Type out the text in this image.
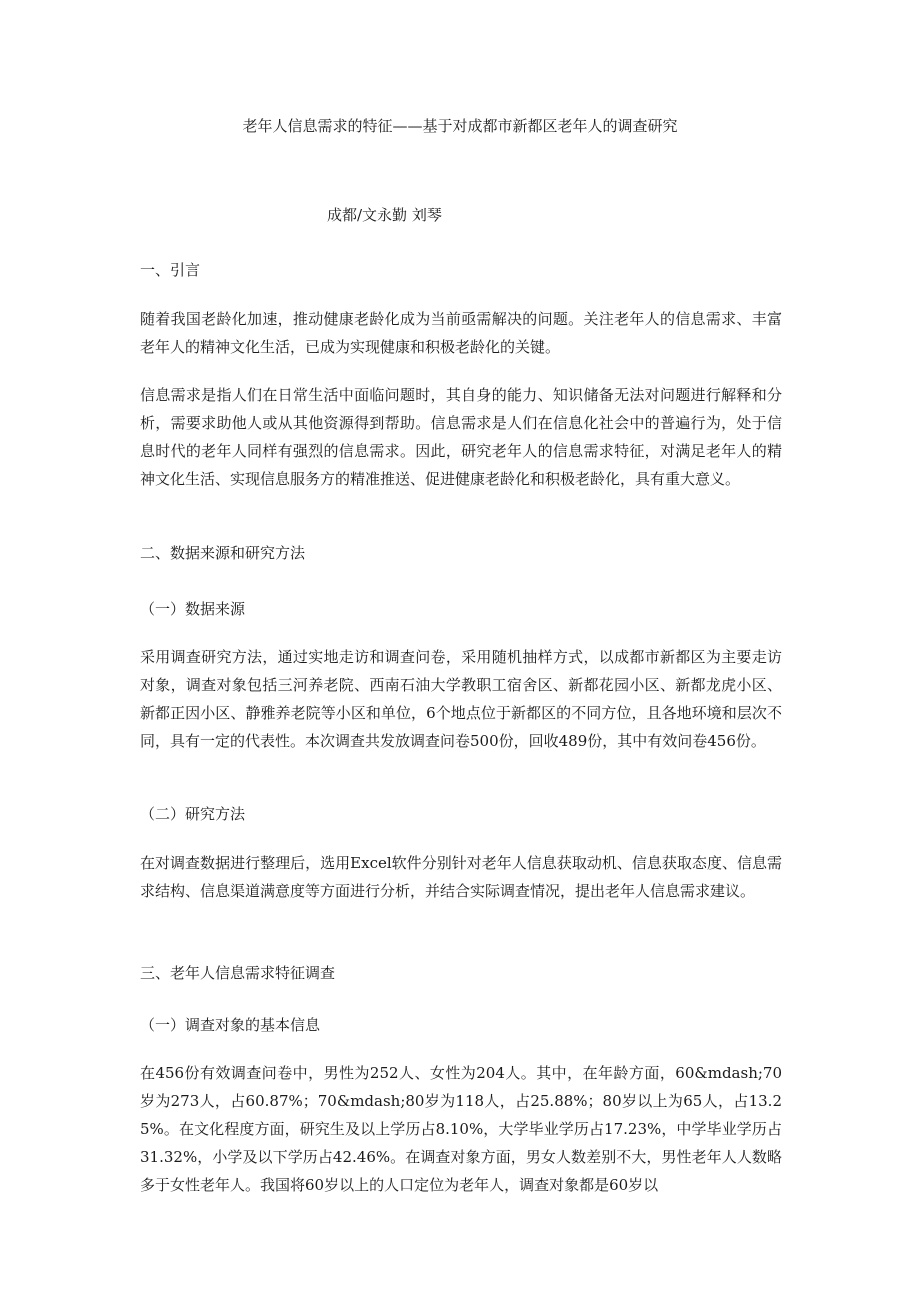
老年人信息需求的特征——基于对成都市新都区老年人的调查研究
成都/文永勤 刘琴
一、引言
随着我国老龄化加速，推动健康老龄化成为当前亟需解决的问题。关注老年人的信息需求、丰富老年人的精神文化生活，已成为实现健康和积极老龄化的关键。
信息需求是指人们在日常生活中面临问题时，其自身的能力、知识储备无法对问题进行解释和分析，需要求助他人或从其他资源得到帮助。信息需求是人们在信息化社会中的普遍行为，处于信息时代的老年人同样有强烈的信息需求。因此，研究老年人的信息需求特征，对满足老年人的精神文化生活、实现信息服务方的精准推送、促进健康老龄化和积极老龄化，具有重大意义。
二、数据来源和研究方法
（一）数据来源
采用调查研究方法，通过实地走访和调查问卷，采用随机抽样方式，以成都市新都区为主要走访对象，调查对象包括三河养老院、西南石油大学教职工宿舍区、新都花园小区、新都龙虎小区、新都正因小区、静雅养老院等小区和单位，6个地点位于新都区的不同方位，且各地环境和层次不同，具有一定的代表性。本次调查共发放调查问卷500份，回收489份，其中有效问卷456份。
（二）研究方法
在对调查数据进行整理后，选用Excel软件分别针对老年人信息获取动机、信息获取态度、信息需求结构、信息渠道满意度等方面进行分析，并结合实际调查情况，提出老年人信息需求建议。
三、老年人信息需求特征调查
（一）调查对象的基本信息
在456份有效调查问卷中，男性为252人、女性为204人。其中，在年龄方面，60&mdash;70岁为273人，占60.87%；70&mdash;80岁为118人，占25.88%；80岁以上为65人，占13.25%。在文化程度方面，研究生及以上学历占8.10%，大学毕业学历占17.23%，中学毕业学历占31.32%，小学及以下学历占42.46%。在调查对象方面，男女人数差别不大，男性老年人人数略多于女性老年人。我国将60岁以上的人口定位为老年人，调查对象都是60岁以
